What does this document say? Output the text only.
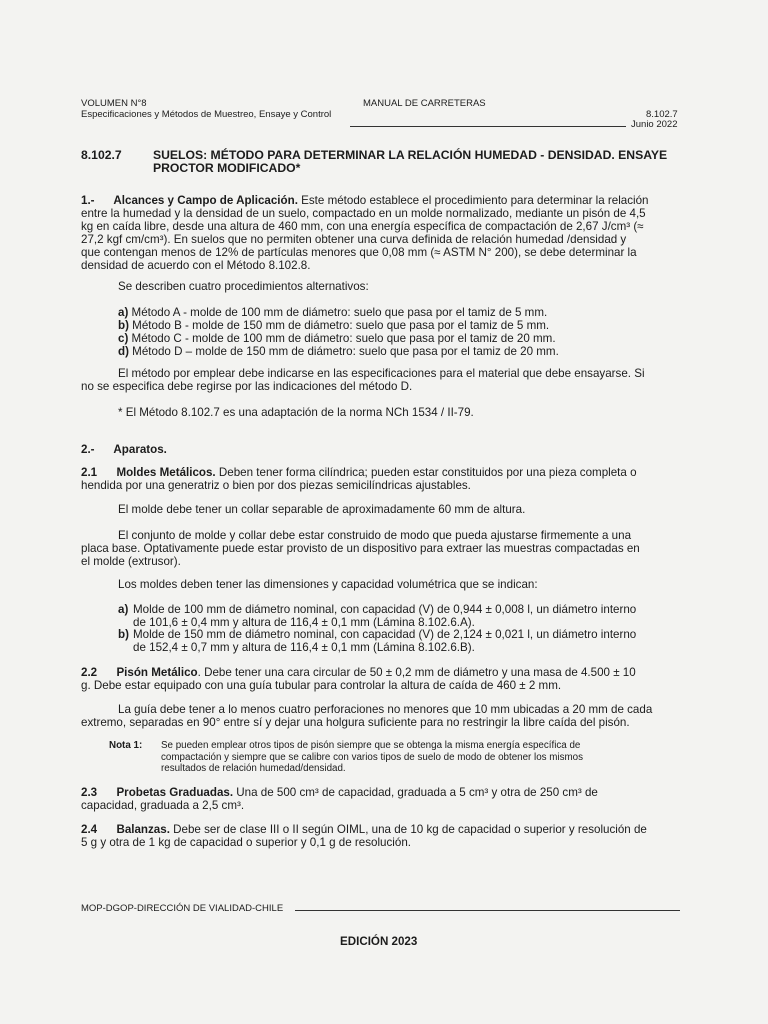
VOLUMEN N°8
Especificaciones y Métodos de Muestreo, Ensaye y Control
MANUAL DE CARRETERAS
8.102.7
Junio 2022
8.102.7	SUELOS: MÉTODO PARA DETERMINAR LA RELACIÓN HUMEDAD - DENSIDAD. ENSAYE
PROCTOR MODIFICADO*
1.-      Alcances y Campo de Aplicación. Este método establece el procedimiento para determinar la relación
entre la humedad y la densidad de un suelo, compactado en un molde normalizado, mediante un pisón de 4,5
kg en caída libre, desde una altura de 460 mm, con una energía específica de compactación de 2,67 J/cm³ (≈
27,2 kgf cm/cm³). En suelos que no permiten obtener una curva definida de relación humedad /densidad y
que contengan menos de 12% de partículas menores que 0,08 mm (≈ ASTM N° 200), se debe determinar la
densidad de acuerdo con el Método 8.102.8.
Se describen cuatro procedimientos alternativos:
a) Método A - molde de 100 mm de diámetro: suelo que pasa por el tamiz de 5 mm.
b) Método B - molde de 150 mm de diámetro: suelo que pasa por el tamiz de 5 mm.
c) Método C - molde de 100 mm de diámetro: suelo que pasa por el tamiz de 20 mm.
d) Método D – molde de 150 mm de diámetro: suelo que pasa por el tamiz de 20 mm.
El método por emplear debe indicarse en las especificaciones para el material que debe ensayarse. Si
no se especifica debe regirse por las indicaciones del método D.
* El Método 8.102.7 es una adaptación de la norma NCh 1534 / II-79.
2.-      Aparatos.
2.1      Moldes Metálicos. Deben tener forma cilíndrica; pueden estar constituidos por una pieza completa o
hendida por una generatriz o bien por dos piezas semicilíndricas ajustables.
El molde debe tener un collar separable de aproximadamente 60 mm de altura.
El conjunto de molde y collar debe estar construido de modo que pueda ajustarse firmemente a una
placa base. Optativamente puede estar provisto de un dispositivo para extraer las muestras compactadas en
el molde (extrusor).
Los moldes deben tener las dimensiones y capacidad volumétrica que se indican:
a) Molde de 100 mm de diámetro nominal, con capacidad (V) de 0,944 ± 0,008 l, un diámetro interno
de 101,6 ± 0,4 mm y altura de 116,4 ± 0,1 mm (Lámina 8.102.6.A).
b) Molde de 150 mm de diámetro nominal, con capacidad (V) de 2,124 ± 0,021 l, un diámetro interno
de 152,4 ± 0,7 mm y altura de 116,4 ± 0,1 mm (Lámina 8.102.6.B).
2.2      Pisón Metálico. Debe tener una cara circular de 50 ± 0,2 mm de diámetro y una masa de 4.500 ± 10
g. Debe estar equipado con una guía tubular para controlar la altura de caída de 460 ± 2 mm.
La guía debe tener a lo menos cuatro perforaciones no menores que 10 mm ubicadas a 20 mm de cada
extremo, separadas en 90° entre sí y dejar una holgura suficiente para no restringir la libre caída del pisón.
Nota 1: Se pueden emplear otros tipos de pisón siempre que se obtenga la misma energía específica de
compactación y siempre que se calibre con varios tipos de suelo de modo de obtener los mismos
resultados de relación humedad/densidad.
2.3      Probetas Graduadas. Una de 500 cm³ de capacidad, graduada a 5 cm³ y otra de 250 cm³ de
capacidad, graduada a 2,5 cm³.
2.4      Balanzas. Debe ser de clase III o II según OIML, una de 10 kg de capacidad o superior y resolución de
5 g y otra de 1 kg de capacidad o superior y 0,1 g de resolución.
MOP-DGOP-DIRECCIÓN DE VIALIDAD-CHILE
EDICIÓN 2023
